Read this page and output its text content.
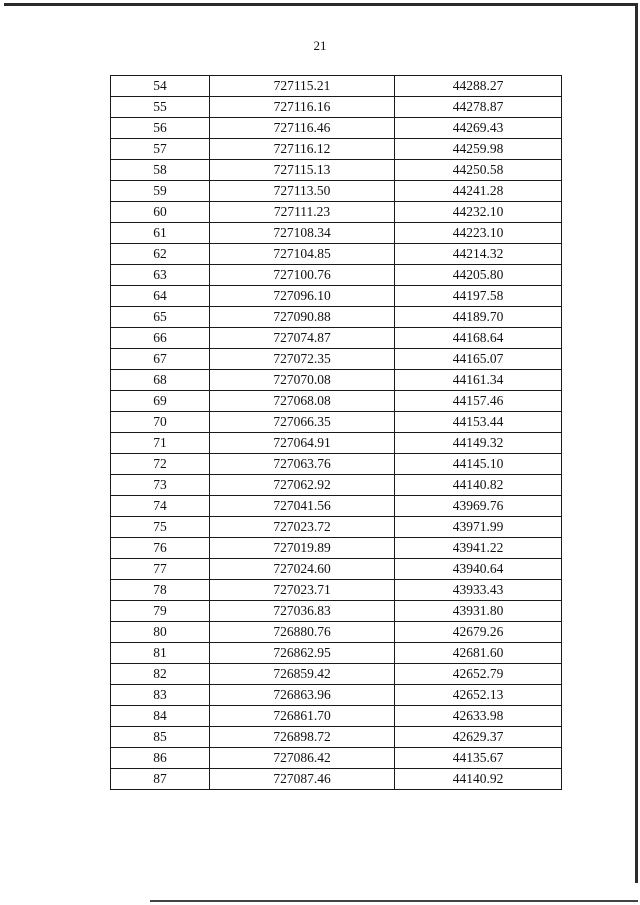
21
54	727115.21	44288.27
55	727116.16	44278.87
56	727116.46	44269.43
57	727116.12	44259.98
58	727115.13	44250.58
59	727113.50	44241.28
60	727111.23	44232.10
61	727108.34	44223.10
62	727104.85	44214.32
63	727100.76	44205.80
64	727096.10	44197.58
65	727090.88	44189.70
66	727074.87	44168.64
67	727072.35	44165.07
68	727070.08	44161.34
69	727068.08	44157.46
70	727066.35	44153.44
71	727064.91	44149.32
72	727063.76	44145.10
73	727062.92	44140.82
74	727041.56	43969.76
75	727023.72	43971.99
76	727019.89	43941.22
77	727024.60	43940.64
78	727023.71	43933.43
79	727036.83	43931.80
80	726880.76	42679.26
81	726862.95	42681.60
82	726859.42	42652.79
83	726863.96	42652.13
84	726861.70	42633.98
85	726898.72	42629.37
86	727086.42	44135.67
87	727087.46	44140.92
